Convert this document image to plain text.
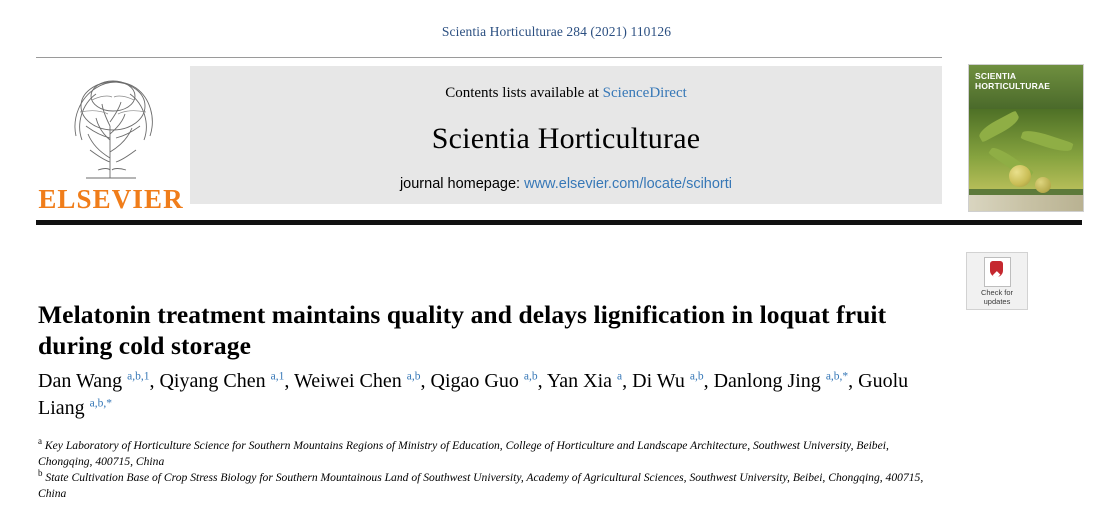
Scientia Horticulturae 284 (2021) 110126
ELSEVIER
Contents lists available at ScienceDirect
Scientia Horticulturae
journal homepage: www.elsevier.com/locate/scihorti
SCIENTIA HORTICULTURAE
Check for
updates
Melatonin treatment maintains quality and delays lignification in loquat fruit during cold storage
Dan Wang $^{a,b,1}$, Qiyang Chen $^{a,1}$, Weiwei Chen $^{a,b}$, Qigao Guo $^{a,b}$, Yan Xia $^a$, Di Wu $^{a,b}$, Danlong Jing $^{a,b,*}$, Guolu Liang $^{a,b,*}$
$^a$ Key Laboratory of Horticulture Science for Southern Mountains Regions of Ministry of Education, College of Horticulture and Landscape Architecture, Southwest University, Beibei, Chongqing, 400715, China
$^b$ State Cultivation Base of Crop Stress Biology for Southern Mountainous Land of Southwest University, Academy of Agricultural Sciences, Southwest University, Beibei, Chongqing, 400715, China
